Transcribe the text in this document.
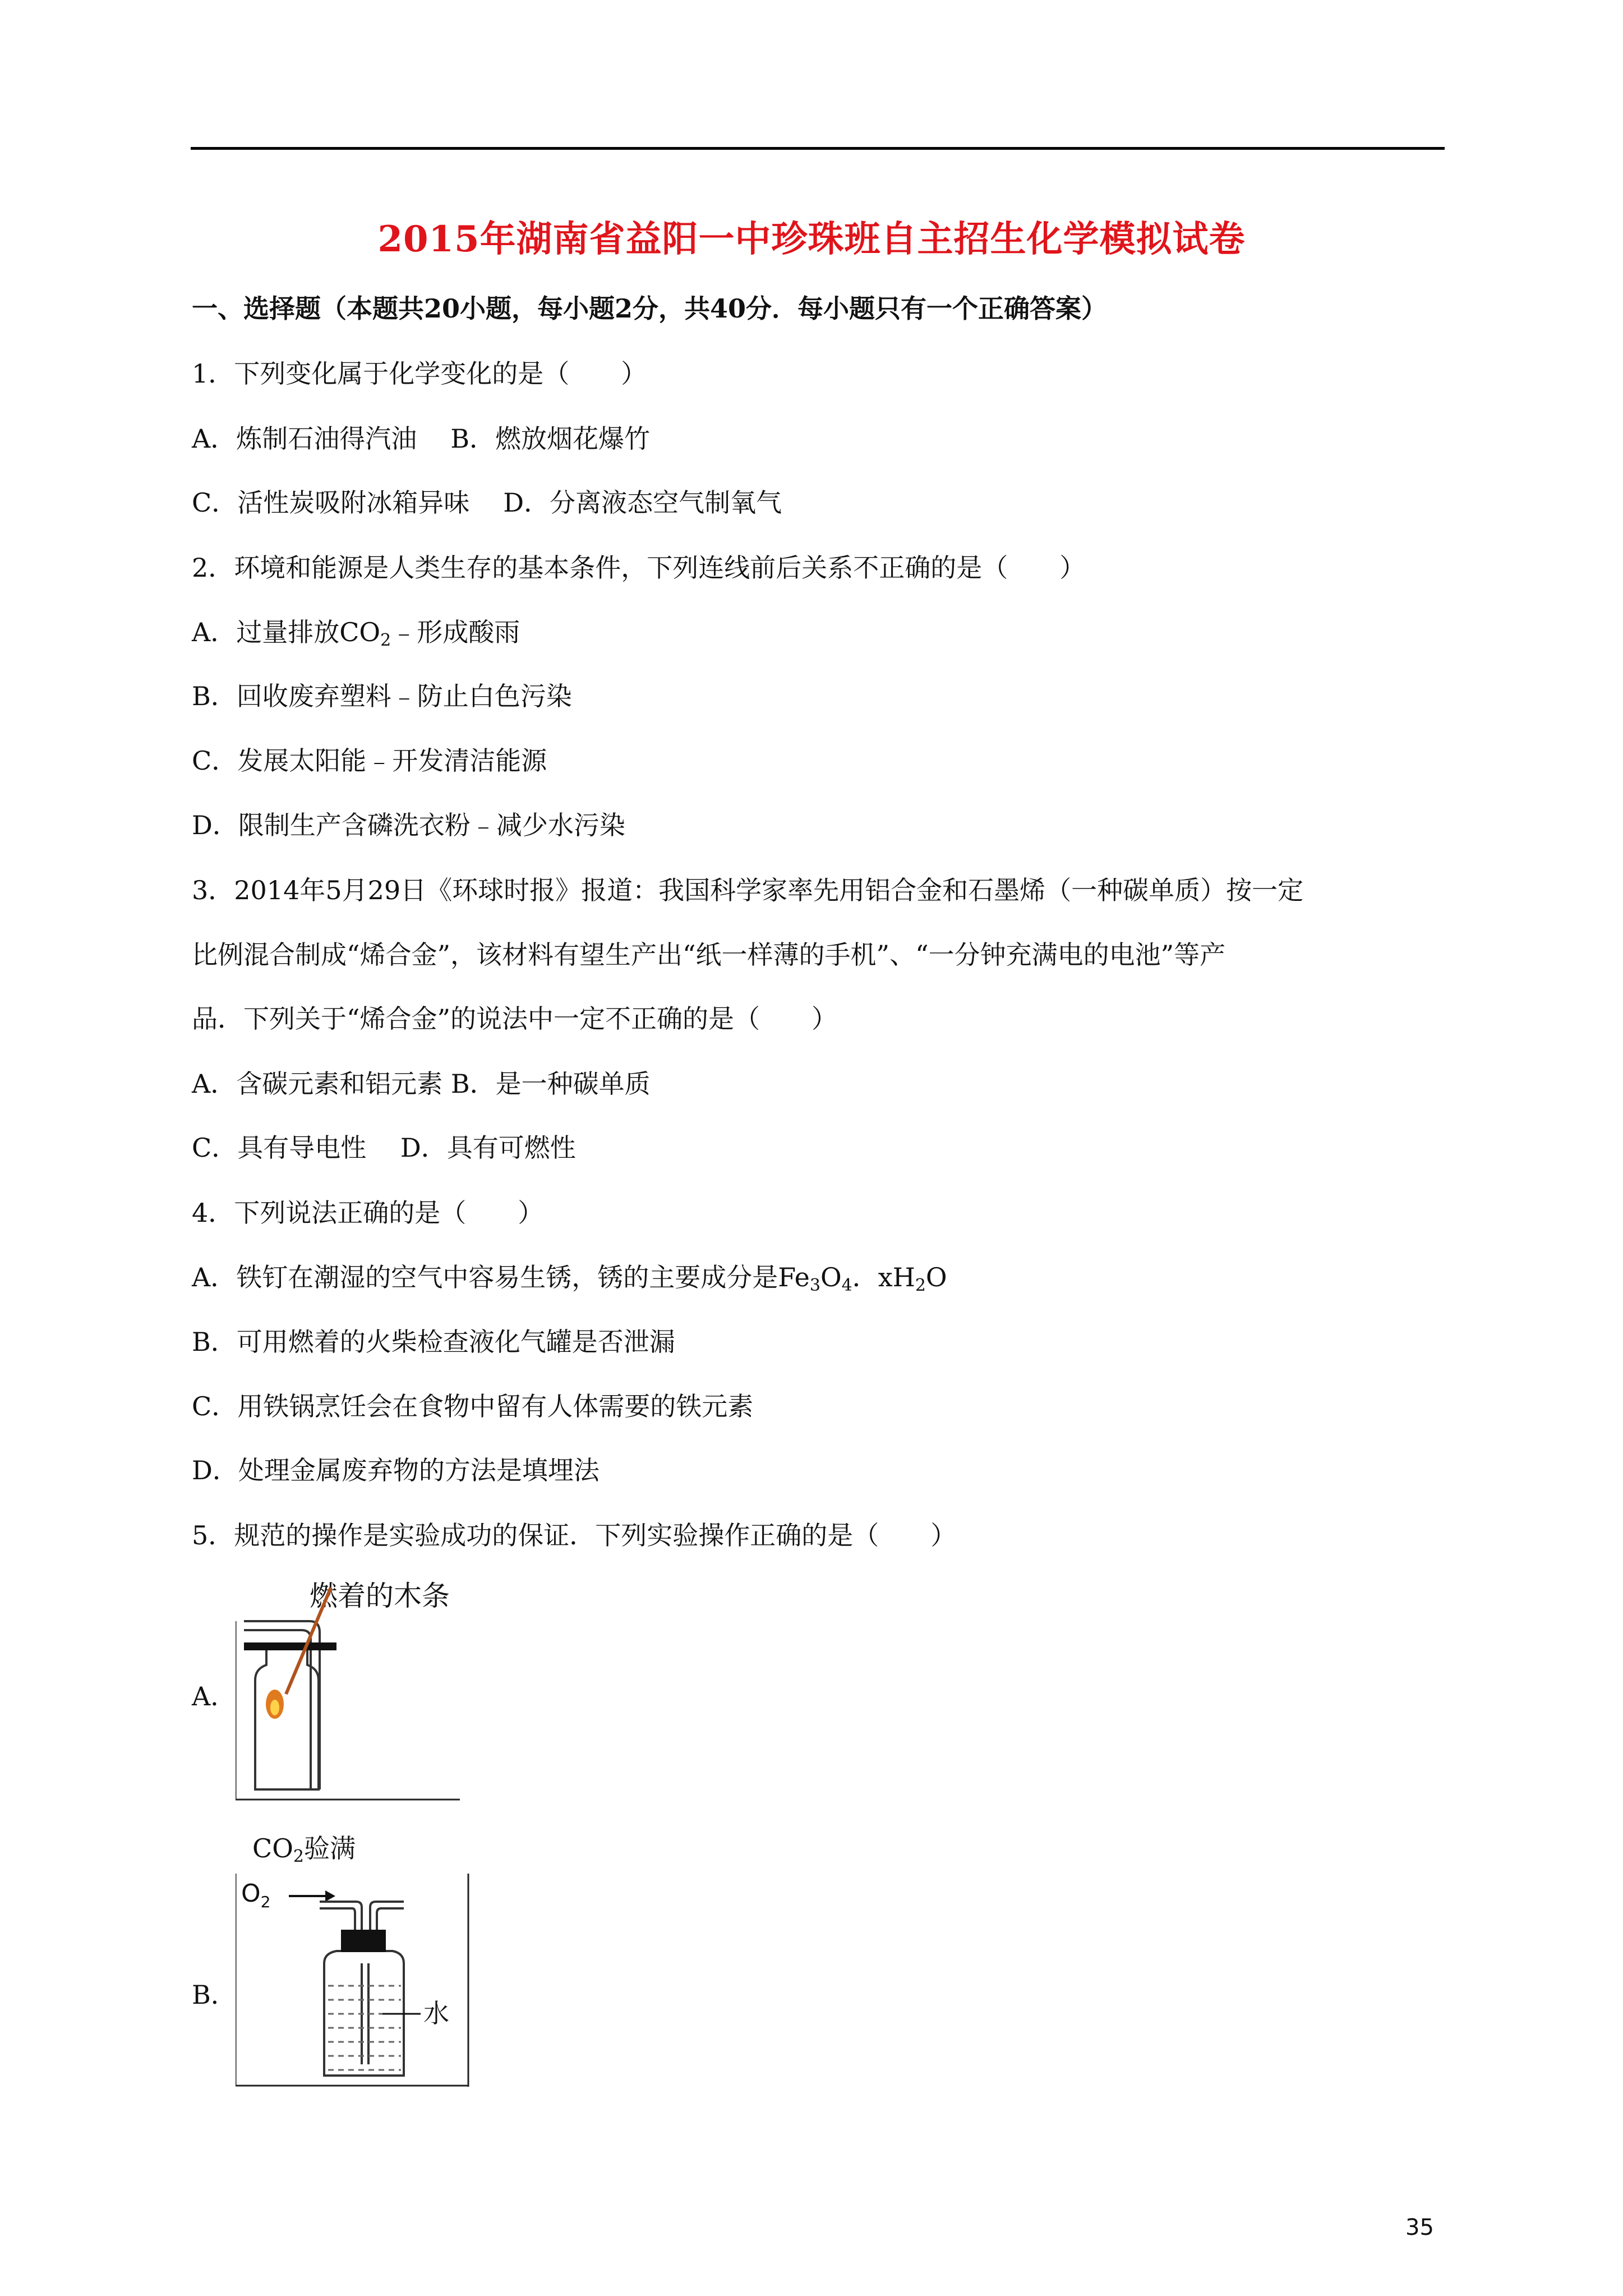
2015年湖南省益阳一中珍珠班自主招生化学模拟试卷
一、选择题（本题共20小题，每小题2分，共40分．每小题只有一个正确答案）
1．下列变化属于化学变化的是（　　）
A．炼制石油得汽油 B．燃放烟花爆竹
C．活性炭吸附冰箱异味 D．分离液态空气制氧气
2．环境和能源是人类生存的基本条件，下列连线前后关系不正确的是（　　）
A．过量排放$CO_2﹣$形成酸雨
B．回收废弃塑料﹣防止白色污染
C．发展太阳能﹣开发清洁能源
D．限制生产含磷洗衣粉﹣减少水污染
3．2014年5月29日《环球时报》报道：我国科学家率先用铝合金和石墨烯（一种碳单质）按一定
比例混合制成“烯合金”，该材料有望生产出“纸一样薄的手机”、“一分钟充满电的电池”等产
品．下列关于“烯合金”的说法中一定不正确的是（　　）
A．含碳元素和铝元素 B．是一种碳单质
C．具有导电性　 D．具有可燃性
4．下列说法正确的是（　　）
A．铁钉在潮湿的空气中容易生锈，锈的主要成分是$Fe_3O_4$．$xH_2O$
B．可用燃着的火柴检查液化气罐是否泄漏
C．用铁锅烹饪会在食物中留有人体需要的铁元素
D．处理金属废弃物的方法是填埋法
5．规范的操作是实验成功的保证．下列实验操作正确的是（　　）
A．
燃着的木条
$CO_2$验满
B．
$O_2$
水
35
